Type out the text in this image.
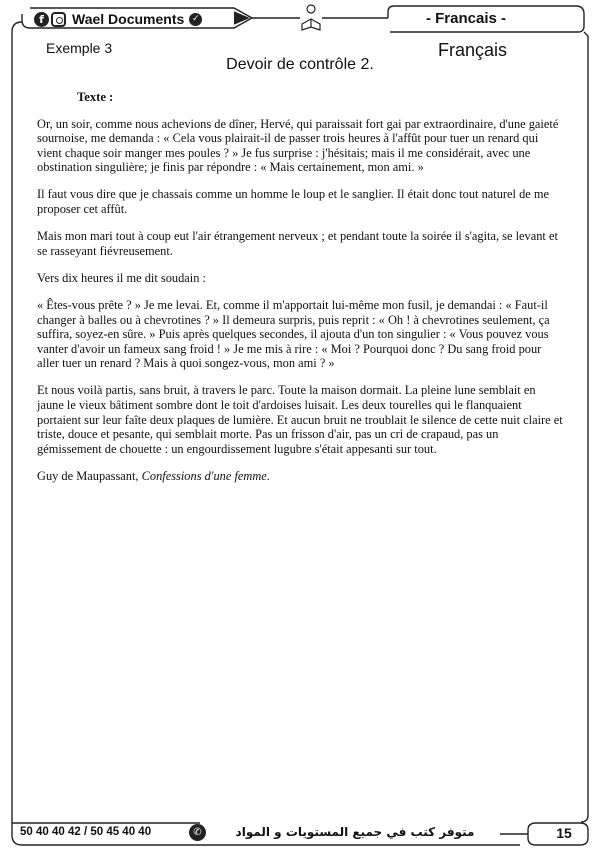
f	Wael Documents ✓	- Francais -
Exemple 3	Français
Devoir de contrôle 2.
Texte :

Or, un soir, comme nous achevions de dîner, Hervé, qui paraissait fort gai par extraordinaire, d'une gaieté sournoise, me demanda : « Cela vous plairait-il de passer trois heures à l'affût pour tuer un renard qui vient chaque soir manger mes poules ? » Je fus surprise : j'hésitais; mais il me considérait, avec une obstination singulière; je finis par répondre : « Mais certainement, mon ami. »

Il faut vous dire que je chassais comme un homme le loup et le sanglier. Il était donc tout naturel de me proposer cet affût.

Mais mon mari tout à coup eut l'air étrangement nerveux ; et pendant toute la soirée il s'agita, se levant et se rasseyant fiévreusement.

Vers dix heures il me dit soudain :

« Êtes-vous prête ? » Je me levai. Et, comme il m'apportait lui-même mon fusil, je demandai : « Faut-il changer à balles ou à chevrotines ? » Il demeura surpris, puis reprit : « Oh ! à chevrotines seulement, ça suffira, soyez-en sûre. » Puis après quelques secondes, il ajouta d'un ton singulier : « Vous pouvez vous vanter d'avoir un fameux sang froid ! » Je me mis à rire : « Moi ? Pourquoi donc ? Du sang froid pour aller tuer un renard ? Mais à quoi songez-vous, mon ami ? »

Et nous voilà partis, sans bruit, à travers le parc. Toute la maison dormait. La pleine lune semblait en jaune le vieux bâtiment sombre dont le toit d'ardoises luisait. Les deux tourelles qui le flanquaient portaient sur leur faîte deux plaques de lumière. Et aucun bruit ne troublait le silence de cette nuit claire et triste, douce et pesante, qui semblait morte. Pas un frisson d'air, pas un cri de crapaud, pas un gémissement de chouette : un engourdissement lugubre s'était appesanti sur tout.

Guy de Maupassant, Confessions d'une femme.

50 40 40 42 / 50 45 40 40	✆	متوفر كتب في جميع المستويات و المواد	15
